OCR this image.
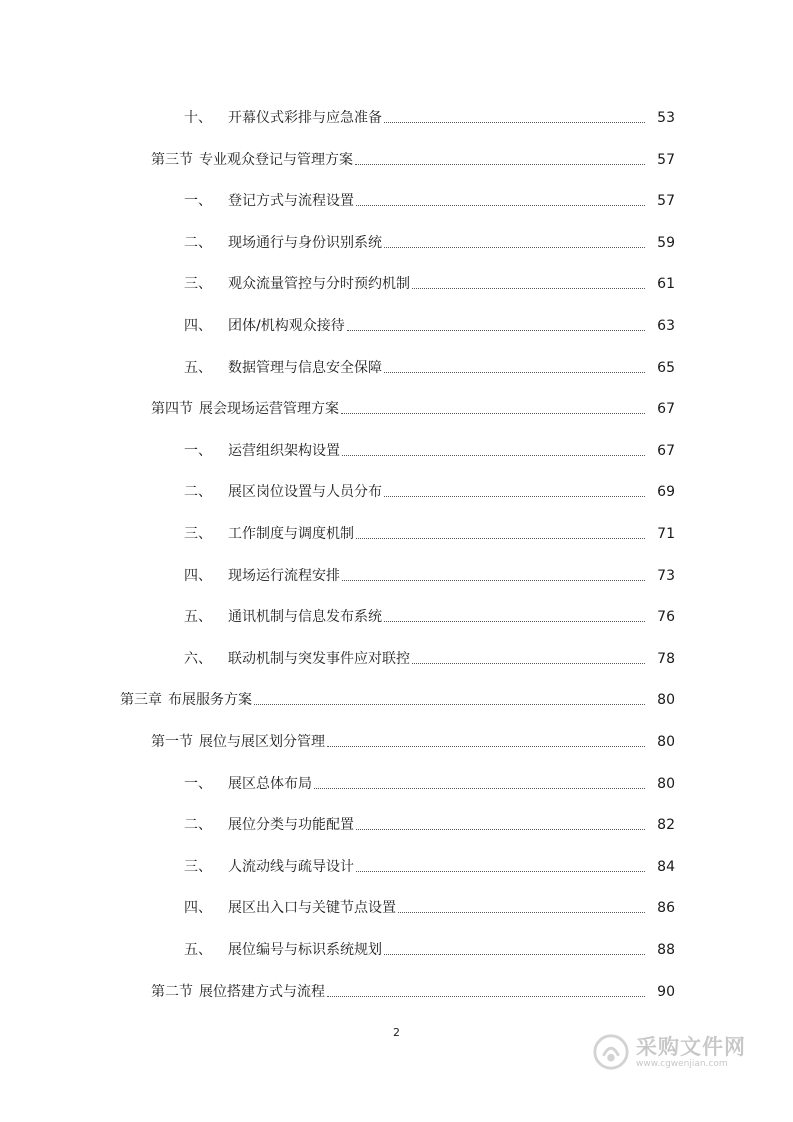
十、 开幕仪式彩排与应急准备	53
第三节 专业观众登记与管理方案	57
一、 登记方式与流程设置	57
二、 现场通行与身份识别系统	59
三、 观众流量管控与分时预约机制	61
四、 团体/机构观众接待	63
五、 数据管理与信息安全保障	65
第四节 展会现场运营管理方案	67
一、 运营组织架构设置	67
二、 展区岗位设置与人员分布	69
三、 工作制度与调度机制	71
四、 现场运行流程安排	73
五、 通讯机制与信息发布系统	76
六、 联动机制与突发事件应对联控	78
第三章 布展服务方案	80
第一节 展位与展区划分管理	80
一、 展区总体布局	80
二、 展位分类与功能配置	82
三、 人流动线与疏导设计	84
四、 展区出入口与关键节点设置	86
五、 展位编号与标识系统规划	88
第二节 展位搭建方式与流程	90
2
采购文件网
www.cgwenjian.com
